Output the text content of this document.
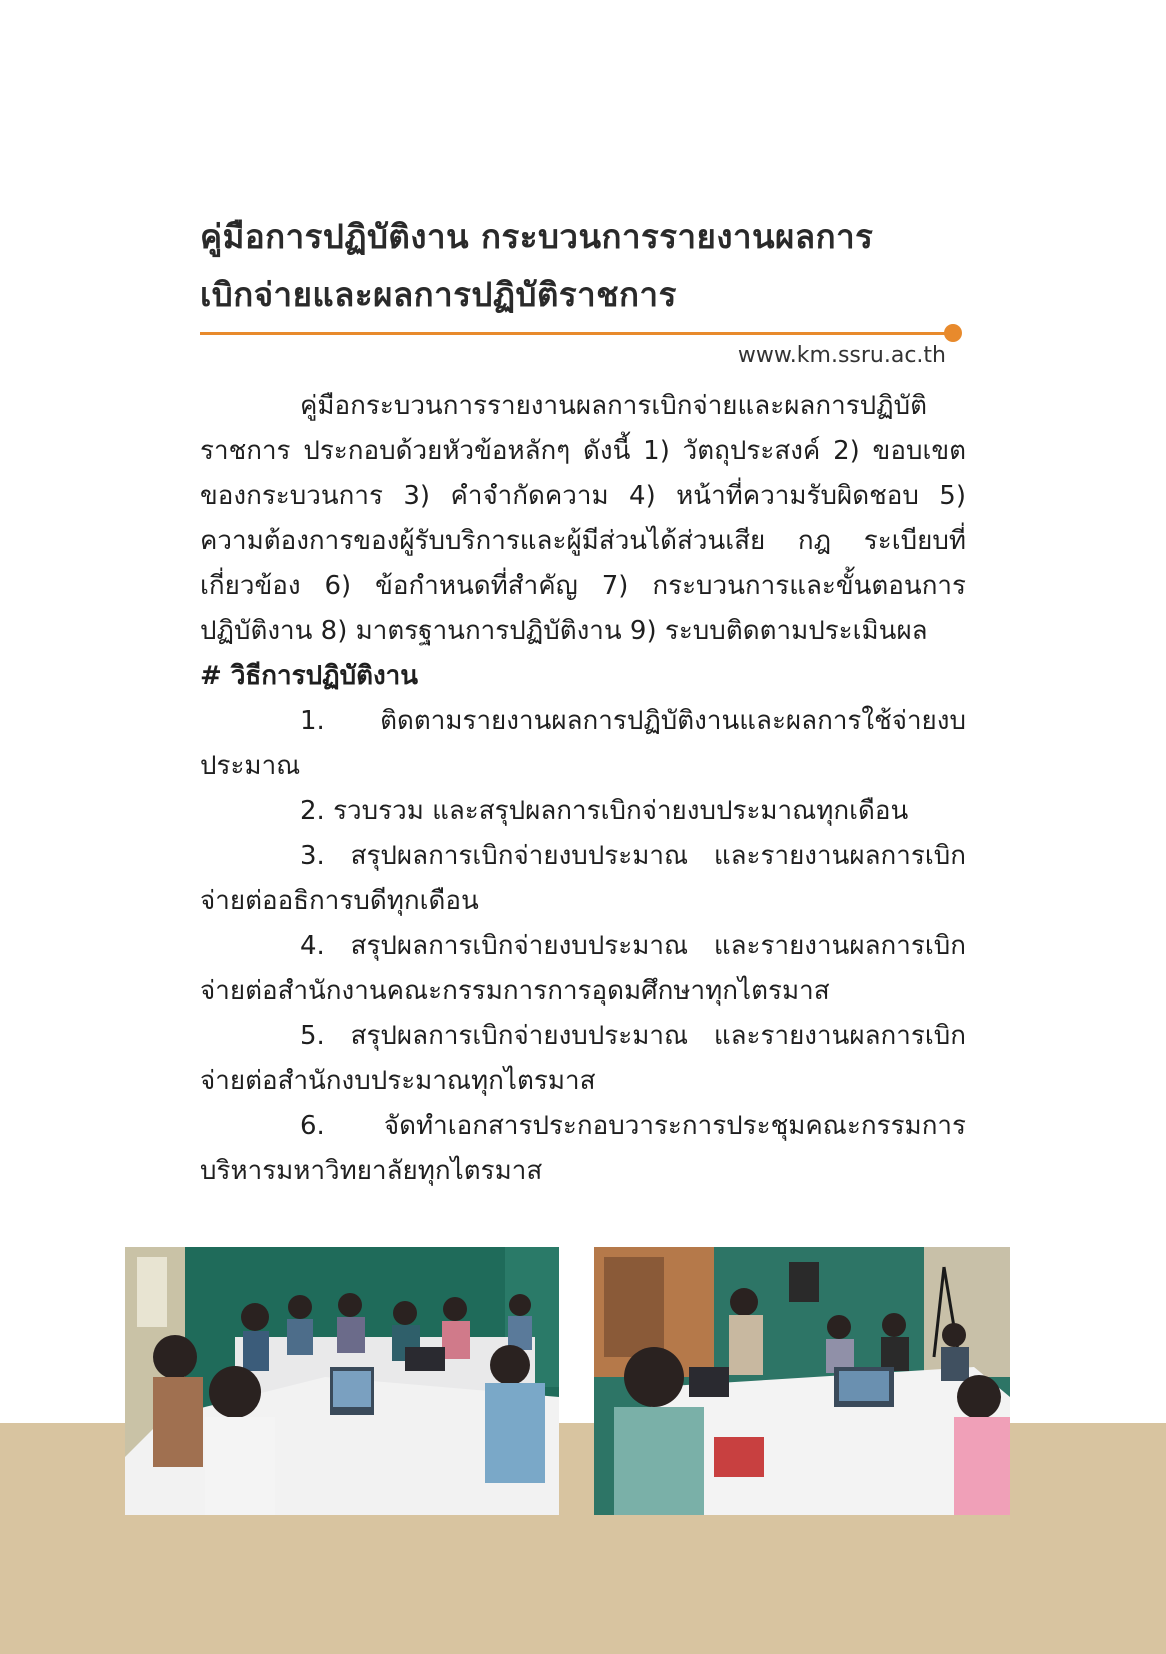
คู่มือการปฏิบัติงาน กระบวนการรายงานผลการ
เบิกจ่ายและผลการปฏิบัติราชการ

www.km.ssru.ac.th

คู่มือกระบวนการรายงานผลการเบิกจ่ายและผลการปฏิบัติราชการ ประกอบด้วยหัวข้อหลักๆ ดังนี้ 1) วัตถุประสงค์ 2) ขอบเขตของกระบวนการ 3) คำจำกัดความ 4) หน้าที่ความรับผิดชอบ 5) ความต้องการของผู้รับบริการและผู้มีส่วนได้ส่วนเสีย กฎ ระเบียบที่เกี่ยวข้อง 6) ข้อกำหนดที่สำคัญ 7) กระบวนการและขั้นตอนการปฏิบัติงาน 8) มาตรฐานการปฏิบัติงาน 9) ระบบติดตามประเมินผล

# วิธีการปฏิบัติงาน

1. ติดตามรายงานผลการปฏิบัติงานและผลการใช้จ่ายงบประมาณ

2. รวบรวม และสรุปผลการเบิกจ่ายงบประมาณทุกเดือน

3. สรุปผลการเบิกจ่ายงบประมาณ และรายงานผลการเบิกจ่ายต่ออธิการบดีทุกเดือน

4. สรุปผลการเบิกจ่ายงบประมาณ และรายงานผลการเบิกจ่ายต่อสำนักงานคณะกรรมการการอุดมศึกษาทุกไตรมาส

5. สรุปผลการเบิกจ่ายงบประมาณ และรายงานผลการเบิกจ่ายต่อสำนักงบประมาณทุกไตรมาส

6. จัดทำเอกสารประกอบวาระการประชุมคณะกรรมการบริหารมหาวิทยาลัยทุกไตรมาส
